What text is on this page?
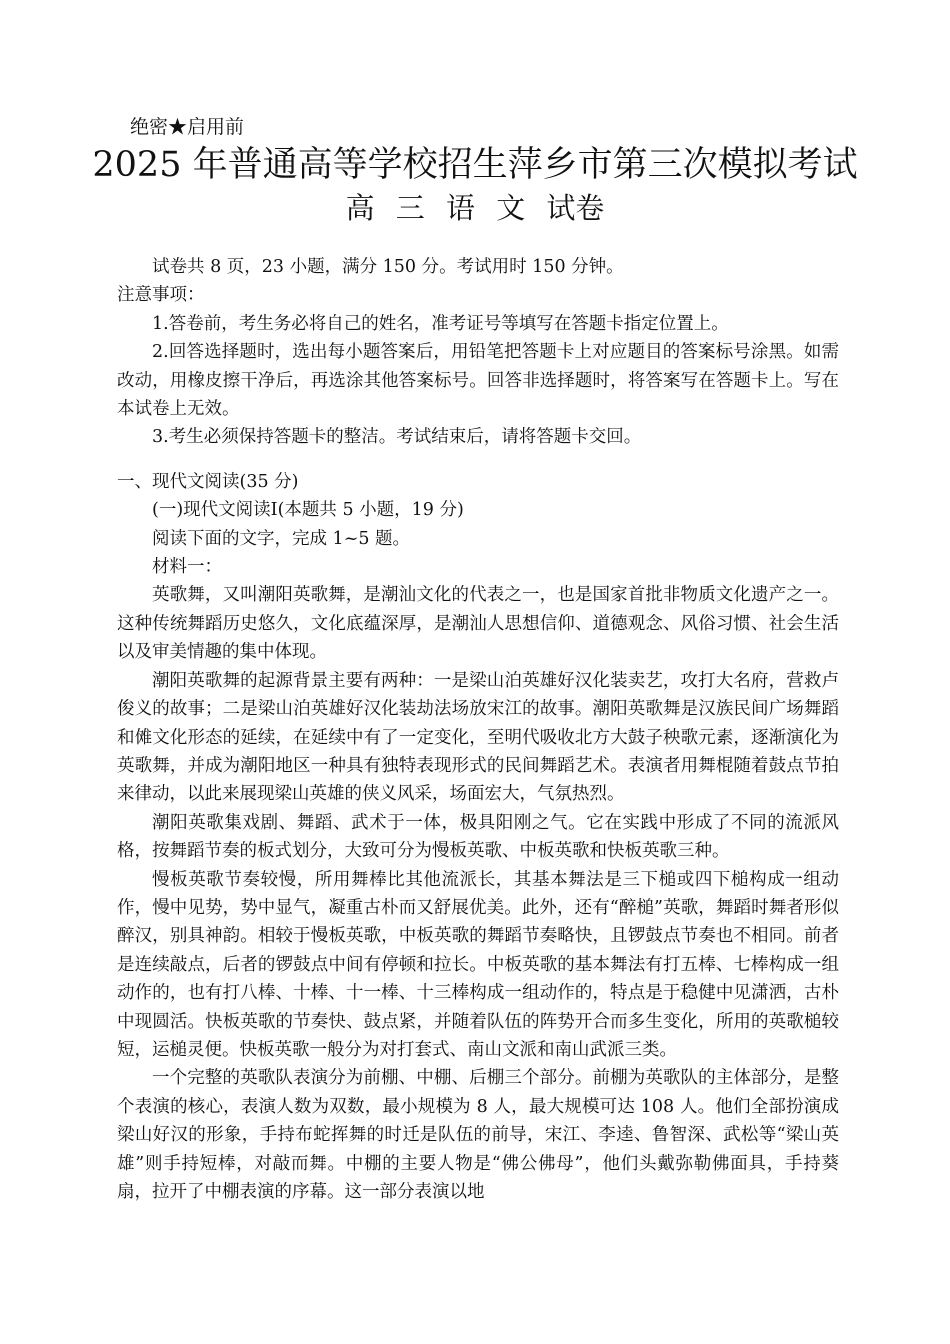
绝密★启用前
2025 年普通高等学校招生萍乡市第三次模拟考试
高 三 语 文 试卷

试卷共 8 页，23 小题，满分 150 分。考试用时 150 分钟。

注意事项：

1.答卷前，考生务必将自己的姓名，准考证号等填写在答题卡指定位置上。

2.回答选择题时，选出每小题答案后，用铅笔把答题卡上对应题目的答案标号涂黑。如需改动，用橡皮擦干净后，再选涂其他答案标号。回答非选择题时，将答案写在答题卡上。写在本试卷上无效。

3.考生必须保持答题卡的整洁。考试结束后，请将答题卡交回。

一、现代文阅读(35 分)

(一)现代文阅读Ⅰ(本题共 5 小题，19 分)

阅读下面的文字，完成 1~5 题。

材料一：

英歌舞，又叫潮阳英歌舞，是潮汕文化的代表之一，也是国家首批非物质文化遗产之一。这种传统舞蹈历史悠久，文化底蕴深厚，是潮汕人思想信仰、道德观念、风俗习惯、社会生活以及审美情趣的集中体现。

潮阳英歌舞的起源背景主要有两种：一是梁山泊英雄好汉化装卖艺，攻打大名府，营救卢俊义的故事；二是梁山泊英雄好汉化装劫法场放宋江的故事。潮阳英歌舞是汉族民间广场舞蹈和傩文化形态的延续，在延续中有了一定变化，至明代吸收北方大鼓子秧歌元素，逐渐演化为英歌舞，并成为潮阳地区一种具有独特表现形式的民间舞蹈艺术。表演者用舞棍随着鼓点节拍来律动，以此来展现梁山英雄的侠义风采，场面宏大，气氛热烈。

潮阳英歌集戏剧、舞蹈、武术于一体，极具阳刚之气。它在实践中形成了不同的流派风格，按舞蹈节奏的板式划分，大致可分为慢板英歌、中板英歌和快板英歌三种。

慢板英歌节奏较慢，所用舞棒比其他流派长，其基本舞法是三下槌或四下槌构成一组动作，慢中见势，势中显气，凝重古朴而又舒展优美。此外，还有“醉槌”英歌，舞蹈时舞者形似醉汉，别具神韵。相较于慢板英歌，中板英歌的舞蹈节奏略快，且锣鼓点节奏也不相同。前者是连续敲点，后者的锣鼓点中间有停顿和拉长。中板英歌的基本舞法有打五棒、七棒构成一组动作的，也有打八棒、十棒、十一棒、十三棒构成一组动作的，特点是于稳健中见潇洒，古朴中现圆活。快板英歌的节奏快、鼓点紧，并随着队伍的阵势开合而多生变化，所用的英歌槌较短，运槌灵便。快板英歌一般分为对打套式、南山文派和南山武派三类。

一个完整的英歌队表演分为前棚、中棚、后棚三个部分。前棚为英歌队的主体部分，是整个表演的核心，表演人数为双数，最小规模为 8 人，最大规模可达 108 人。他们全部扮演成梁山好汉的形象，手持布蛇挥舞的时迁是队伍的前导，宋江、李逵、鲁智深、武松等“梁山英雄”则手持短棒，对敲而舞。中棚的主要人物是“佛公佛母”，他们头戴弥勒佛面具，手持葵扇，拉开了中棚表演的序幕。这一部分表演以地
